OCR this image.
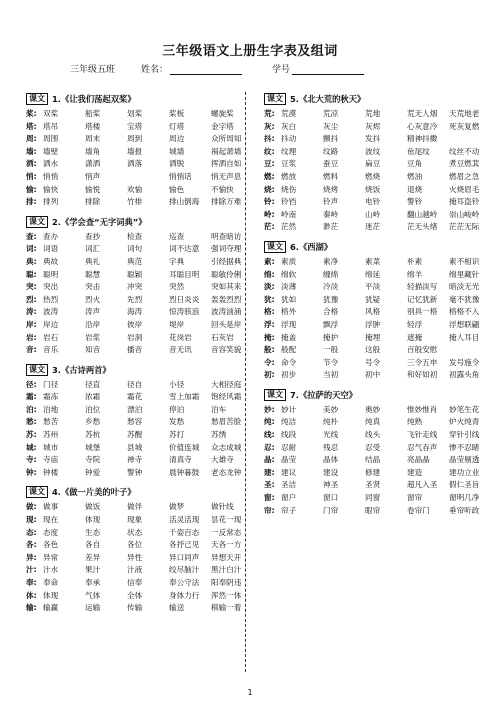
三年级语文上册生字表及组词
三年级五班	姓名：	学号
课文 1. 《让我们荡起双桨》
桨: 双桨	船桨	划桨	桨板	螺旋桨
塔: 塔吊	塔楼	宝塔	灯塔	金字塔
周: 周围	周末	周到	周边	众所周知
墙: 墙壁	墙角	墙报	城墙	祸起萧墙
洒: 洒水	潇洒	洒落	洒脱	挥洒自如
悄: 悄悄	悄声	悄悄话	悄无声息
愉: 愉快	愉悦	欢愉	愉色	不愉快
排: 排列	排除	竹排	排山倒海	排除万难
课文 2. 《学会查“无字词典”》
查: 查办	查抄	检查	巡查	明查暗访
词: 词语	词汇	词句	词不达意	强词夺理
典: 典故	典礼	典范	字典	引经据典
聪: 聪明	聪慧	聪颖	耳聪目明	聪敏伶俐
突: 突出	突击	冲突	突然	突如其来
烈: 热烈	烈火	先烈	烈日炎炎	轰轰烈烈
涛: 波涛	涛声	海涛	惊涛骇浪	波涛汹涌
岸: 岸边	沿岸	彼岸	堤岸	回头是岸
岩: 岩石	岩浆	岩洞	花岗岩	石灰岩
音: 音乐	知音	播音	音无讯	音容笑貌
课文 3. 《古诗两首》
径: 门径	径直	径自	小径	大相径庭
霜: 霜冻	浓霜	霜花	雪上加霜	饱经风霜
泊: 泊地	泊位	漂泊	停泊	泊车
愁: 愁苦	乡愁	愁容	发愁	愁眉苦脸
苏: 苏州	苏杭	苏醒	苏打	苏绣
城: 城市	城堡	县城	价值连城	众志成城
寺: 寺庙	寺院	禅寺	清真寺	大雄寺
钟: 钟楼	钟爱	警钟	晨钟暮鼓	老态龙钟
课文 4. 《做一片美的叶子》
做: 做事	做饭	做伴	做梦	做针线
现: 现在	体现	现象	活灵活现	昙花一现
态: 态度	生态	状态	千姿百态	一反常态
各: 各色	各自	各位	各抒己见	天各一方
异: 异常	差异	异性	异口同声	异想天开
汁: 汁水	果汁	汁液	绞尽脑汁	黑汁白汁
奉: 奉命	奉承	信奉	奉公守法	阳奉阴违
体: 体现	气体	全体	身体力行	浑然一体
输: 输赢	运输	传输	输送	棋输一着
课文 5. 《北大荒的秋天》
荒: 荒漠	荒凉	荒地	荒无人烟	天荒地老
灰: 灰白	灰尘	灰烬	心灰意冷	死灰复燃
抖: 抖动	颤抖	发抖	精神抖擞
纹: 纹理	纹路	波纹	鱼尾纹	纹丝不动
豆: 豆浆	蚕豆	扁豆	豆角	煮豆燃萁
燃: 燃放	燃料	燃烧	燃油	燃眉之急
烧: 烧伤	烧烤	烧饭	退烧	火烧眉毛
铃: 铃铛	铃声	电铃	警铃	掩耳盗铃
岭: 岭南	秦岭	山岭	翻山越岭	崇山峻岭
茫: 茫然	渺茫	迷茫	茫无头绪	茫茫无际
课文 6. 《西湖》
素: 素质	素净	素菜	朴素	素不相识
绵: 绵软	缠绵	绵延	绵羊	绵里藏针
淡: 淡薄	冷淡	平淡	轻描淡写	暗淡无光
犹: 犹如	犹豫	犹疑	记忆犹新	毫不犹豫
格: 格外	合格	风格	别具一格	格格不入
浮: 浮现	飘浮	浮肿	轻浮	浮想联翩
掩: 掩盖	掩护	掩埋	遮掩	掩人耳目
般: 般配	一般	这般	百般安慰
令: 命令	节令	号令	三令五申	发号施令
初: 初步	当初	初中	和好如初	初露头角
课文 7. 《拉萨的天空》
妙: 妙计	美妙	奥妙	惟妙惟肖	妙笔生花
纯: 纯洁	纯朴	纯真	纯熟	炉火纯青
线: 线段	光线	线头	飞针走线	穿针引线
忍: 忍耐	残忍	忍受	忍气吞声	惨不忍睹
晶: 晶莹	晶体	结晶	亮晶晶	晶莹剔透
建: 建议	建设	修建	建造	建功立业
圣: 圣洁	神圣	圣贤	超凡入圣	假仁圣旨
窗: 窗户	窗口	同窗	窗帘	窗明几净
帘: 帘子	门帘	眼帘	卷帘门	垂帘听政
1
